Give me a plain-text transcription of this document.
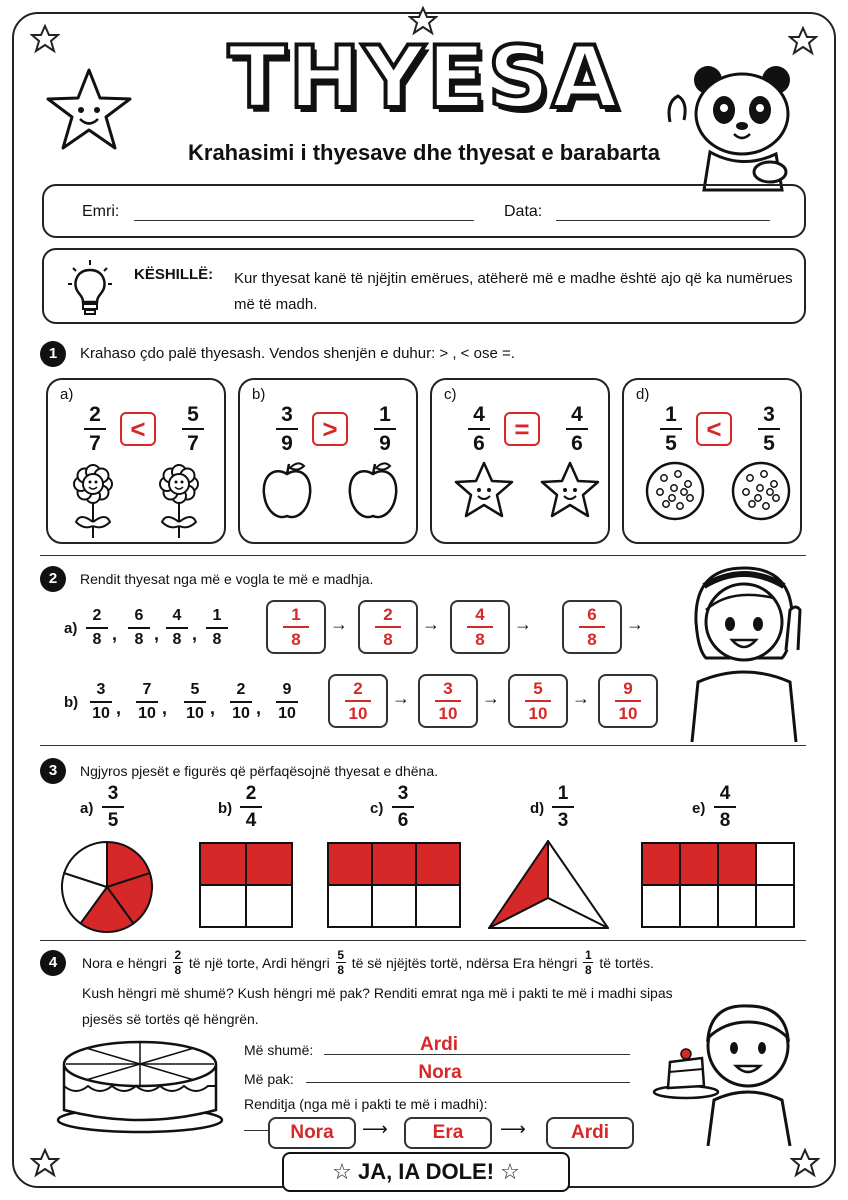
THYESA
Krahasimi i thyesave dhe thyesat e barabarta
Emri:	Data:
KËSHILLË: Kur thyesat kanë të njëjtin emërues, atëherë më e madhe është ajo që ka numërues më të madh.
1	Krahaso çdo palë thyesash. Vendos shenjën e duhur: > , < ose =.
a)
2
7	<	5
7
b)
3
9	>	1
9
c)
4
6	=	4
6
d)
1
5	<	3
5
2	Rendit thyesat nga më e vogla te më e madhja.
a)
2
8 ,
6
8 ,
4
8 ,
1
8	$\frac{1}{8} \to \frac{2}{8} \to \frac{4}{8}$ →	$\frac{6}{8}$ →
b)
3
10 ,
7
10 ,
5
10 ,
2
10 ,
9
10	$\frac{2}{10} \to \frac{3}{10} \to \frac{5}{10} \to \frac{9}{10}$
3	Ngjyros pjesët e figurës që përfaqësojnë thyesat e dhëna.
a)
3
5
b)
2
4
c)
3
6
d)
1
3
e)
4
8
4	Nora e hëngri 2
8 të një torte, Ardi hëngri 5
8 të së njëjtës tortë, ndërsa Era hëngri 1
8 të tortës.
Kush hëngri më shumë? Kush hëngri më pak? Renditi emrat nga më i pakti te më i madhi sipas
pjesës së tortës që hëngrën.
Më shumë:	Ardi
Më pak:	Nora
Renditja (nga më i pakti te më i madhi):
Nora	⟶	Era	⟶	Ardi
☆ JA, IA DOLE! ☆
